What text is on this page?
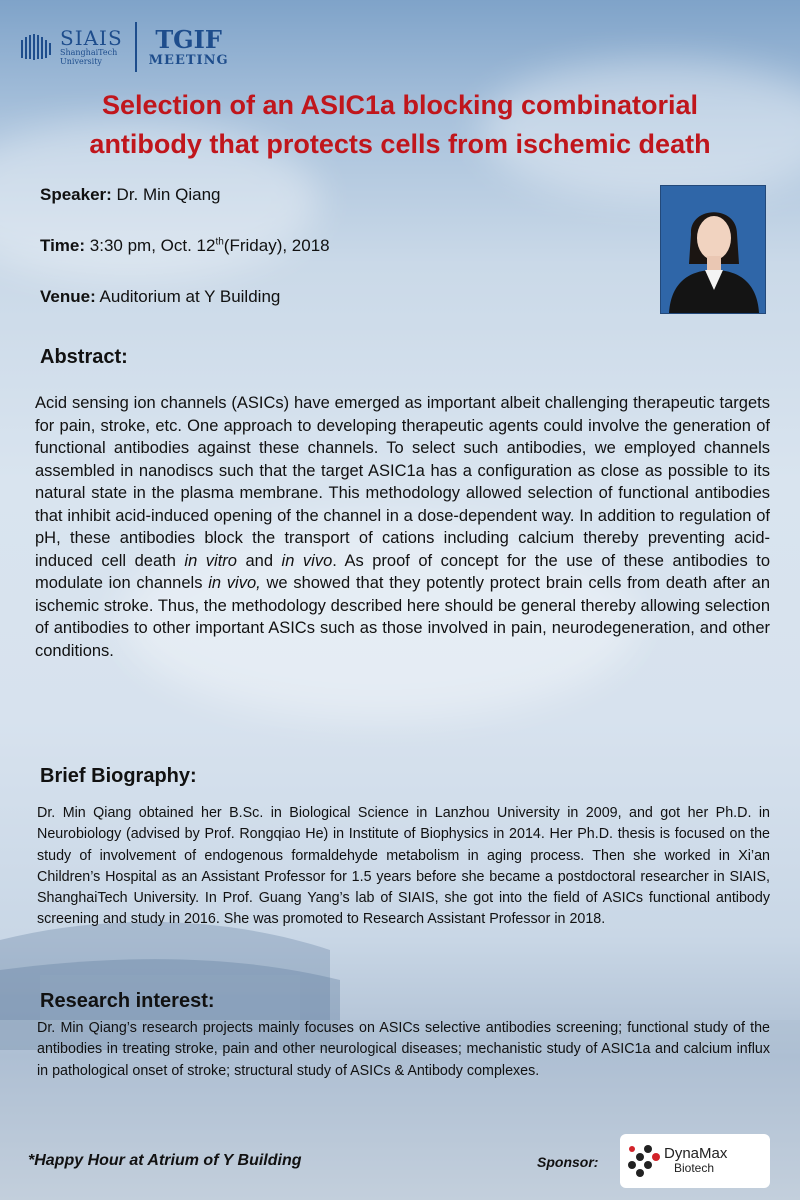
SIAIS
ShanghaiTech
University
TGIF
MEETING
Selection of an ASIC1a blocking combinatorial
antibody that protects cells from ischemic death
Speaker: Dr. Min Qiang
Time: 3:30 pm, Oct. 12th(Friday), 2018
Venue: Auditorium at Y Building
Abstract:

Acid sensing ion channels (ASICs) have emerged as important albeit challenging therapeutic targets for pain, stroke, etc. One approach to developing therapeutic agents could involve the generation of functional antibodies against these channels. To select such antibodies, we employed channels assembled in nanodiscs such that the target ASIC1a has a configuration as close as possible to its natural state in the plasma membrane. This methodology allowed selection of functional antibodies that inhibit acid-induced opening of the channel in a dose-dependent way. In addition to regulation of pH, these antibodies block the transport of cations including calcium thereby preventing acid-induced cell death in vitro and in vivo. As proof of concept for the use of these antibodies to modulate ion channels in vivo, we showed that they potently protect brain cells from death after an ischemic stroke. Thus, the methodology described here should be general thereby allowing selection of antibodies to other important ASICs such as those involved in pain, neurodegeneration, and other conditions.

Brief Biography:

Dr. Min Qiang obtained her B.Sc. in Biological Science in Lanzhou University in 2009, and got her Ph.D. in Neurobiology (advised by Prof. Rongqiao He) in Institute of Biophysics in 2014. Her Ph.D. thesis is focused on the study of involvement of endogenous formaldehyde metabolism in aging process. Then she worked in Xi’an Children’s Hospital as an Assistant Professor for 1.5 years before she became a postdoctoral researcher in SIAIS, ShanghaiTech University. In Prof. Guang Yang’s lab of SIAIS, she got into the field of ASICs functional antibody screening and study in 2016. She was promoted to Research Assistant Professor in 2018.

Research interest:

Dr. Min Qiang’s research projects mainly focuses on ASICs selective antibodies screening; functional study of the antibodies in treating stroke, pain and other neurological diseases; mechanistic study of ASIC1a and calcium influx in pathological onset of stroke; structural study of ASICs & Antibody complexes.

*Happy Hour at Atrium of Y Building	Sponsor:	DynaMax
Biotech
